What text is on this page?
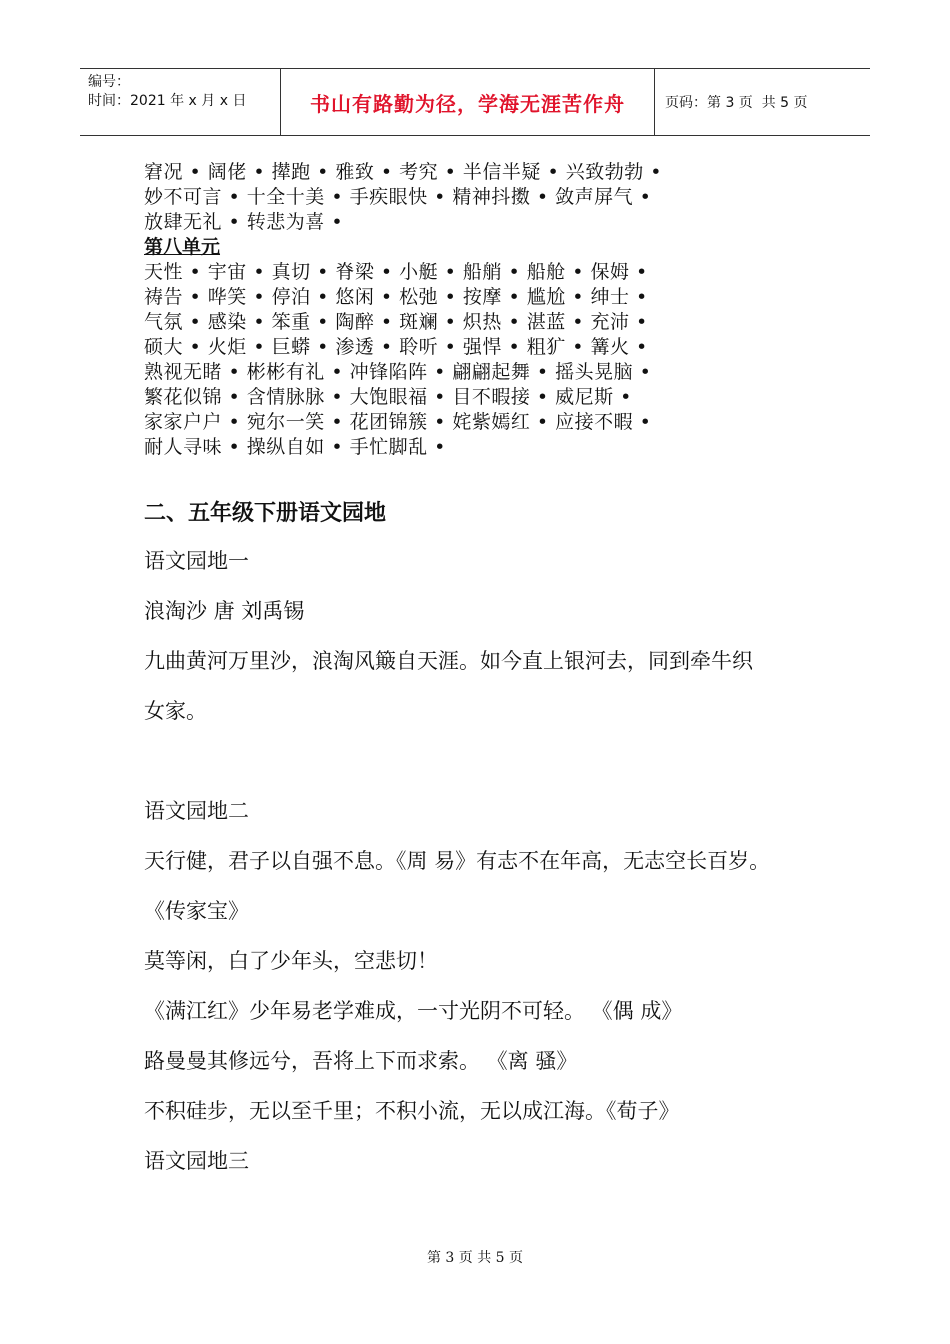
编号：
时间：2021 年 x 月 x 日	书山有路勤为径，学海无涯苦作舟	页码：第 3 页  共 5 页
窘况 • 阔佬 • 撵跑 • 雅致 • 考究 • 半信半疑 • 兴致勃勃 •
妙不可言 • 十全十美 • 手疾眼快 • 精神抖擞 • 敛声屏气 •
放肆无礼 • 转悲为喜 •
第八单元
天性 • 宇宙 • 真切 • 脊梁 • 小艇 • 船艄 • 船舱 • 保姆 •
祷告 • 哗笑 • 停泊 • 悠闲 • 松弛 • 按摩 • 尴尬 • 绅士 •
气氛 • 感染 • 笨重 • 陶醉 • 斑斓 • 炽热 • 湛蓝 • 充沛 •
硕大 • 火炬 • 巨蟒 • 渗透 • 聆听 • 强悍 • 粗犷 • 篝火 •
熟视无睹 • 彬彬有礼 • 冲锋陷阵 • 翩翩起舞 • 摇头晃脑 •
繁花似锦 • 含情脉脉 • 大饱眼福 • 目不暇接 • 威尼斯 •
家家户户 • 宛尔一笑 • 花团锦簇 • 姹紫嫣红 • 应接不暇 •
耐人寻味 • 操纵自如 • 手忙脚乱 •
二、五年级下册语文园地
语文园地一
浪淘沙 唐 刘禹锡
九曲黄河万里沙，浪淘风簸自天涯。如今直上银河去，同到牵牛织
女家。
语文园地二
天行健，君子以自强不息。《周 易》有志不在年高，无志空长百岁。
《传家宝》
莫等闲，白了少年头，空悲切！
《满江红》少年易老学难成，一寸光阴不可轻。 《偶 成》
路曼曼其修远兮，吾将上下而求索。 《离 骚》
不积硅步，无以至千里；不积小流，无以成江海。《荀子》
语文园地三
第 3 页 共 5 页
